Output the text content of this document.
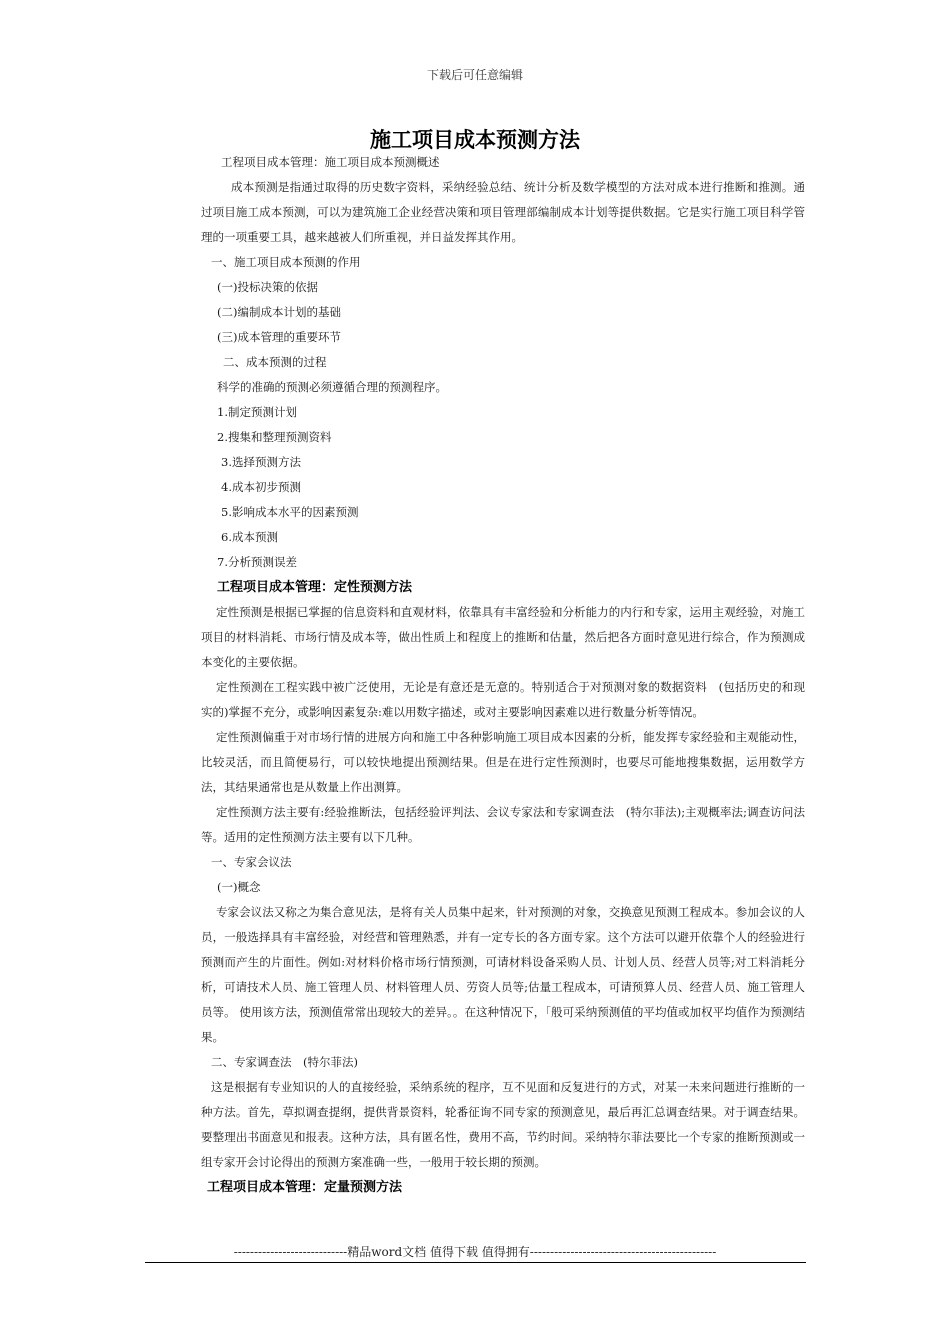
下载后可任意编辑
施工项目成本预测方法

工程项目成本管理：施工项目成本预测概述

成本预测是指通过取得的历史数字资料，采纳经验总结、统计分析及数学模型的方法对成本进行推断和推测。通过项目施工成本预测，可以为建筑施工企业经营决策和项目管理部编制成本计划等提供数据。它是实行施工项目科学管理的一项重要工具，越来越被人们所重视，并日益发挥其作用。

一、施工项目成本预测的作用

(一)投标决策的依据

(二)编制成本计划的基础

(三)成本管理的重要环节

二、成本预测的过程

科学的准确的预测必须遵循合理的预测程序。

1.制定预测计划

2.搜集和整理预测资料

3.选择预测方法

4.成本初步预测

5.影响成本水平的因素预测

6.成本预测

7.分析预测误差

工程项目成本管理：定性预测方法

定性预测是根据已掌握的信息资料和直观材料，依靠具有丰富经验和分析能力的内行和专家，运用主观经验，对施工项目的材料消耗、市场行情及成本等，做出性质上和程度上的推断和估量，然后把各方面时意见进行综合，作为预测成本变化的主要依据。

定性预测在工程实践中被广泛使用，无论是有意还是无意的。特别适合于对预测对象的数据资料　(包括历史的和现实的)掌握不充分，或影响因素复杂:难以用数字描述，或对主要影响因素难以进行数量分析等情况。

定性预测偏重于对市场行情的进展方向和施工中各种影响施工项目成本因素的分析，能发挥专家经验和主观能动性，比较灵活，而且简便易行，可以较快地提出预测结果。但是在进行定性预测时，也要尽可能地搜集数据，运用数学方法，其结果通常也是从数量上作出测算。

定性预测方法主要有:经验推断法，包括经验评判法、会议专家法和专家调查法　(特尔菲法);主观概率法;调查访问法等。适用的定性预测方法主要有以下几种。

一、专家会议法

(一)概念

专家会议法又称之为集合意见法，是将有关人员集中起来，针对预测的对象，交换意见预测工程成本。参加会议的人员，一般选择具有丰富经验，对经营和管理熟悉，并有一定专长的各方面专家。这个方法可以避开依靠个人的经验进行预测而产生的片面性。例如:对材料价格市场行情预测，可请材料设备采购人员、计划人员、经营人员等;对工料消耗分析，可请技术人员、施工管理人员、材料管理人员、劳资人员等;估量工程成本，可请预算人员、经营人员、施工管理人员等。 使用该方法，预测值常常出现较大的差异。。在这种情况下，「般可采纳预测值的平均值或加权平均值作为预测结果。

二、专家调查法　(特尔菲法)

这是根据有专业知识的人的直接经验，采纳系统的程序，互不见面和反复进行的方式，对某一未来问题进行推断的一种方法。首先，草拟调查提纲，提供背景资料，轮番征询不同专家的预测意见，最后再汇总调查结果。对于调查结果。要整理出书面意见和报表。这种方法，具有匿名性，费用不高，节约时间。采纳特尔菲法要比一个专家的推断预测或一组专家开会讨论得出的预测方案准确一些，一般用于较长期的预测。

工程项目成本管理：定量预测方法

----------------------------精品word文档 值得下载 值得拥有----------------------------------------------
